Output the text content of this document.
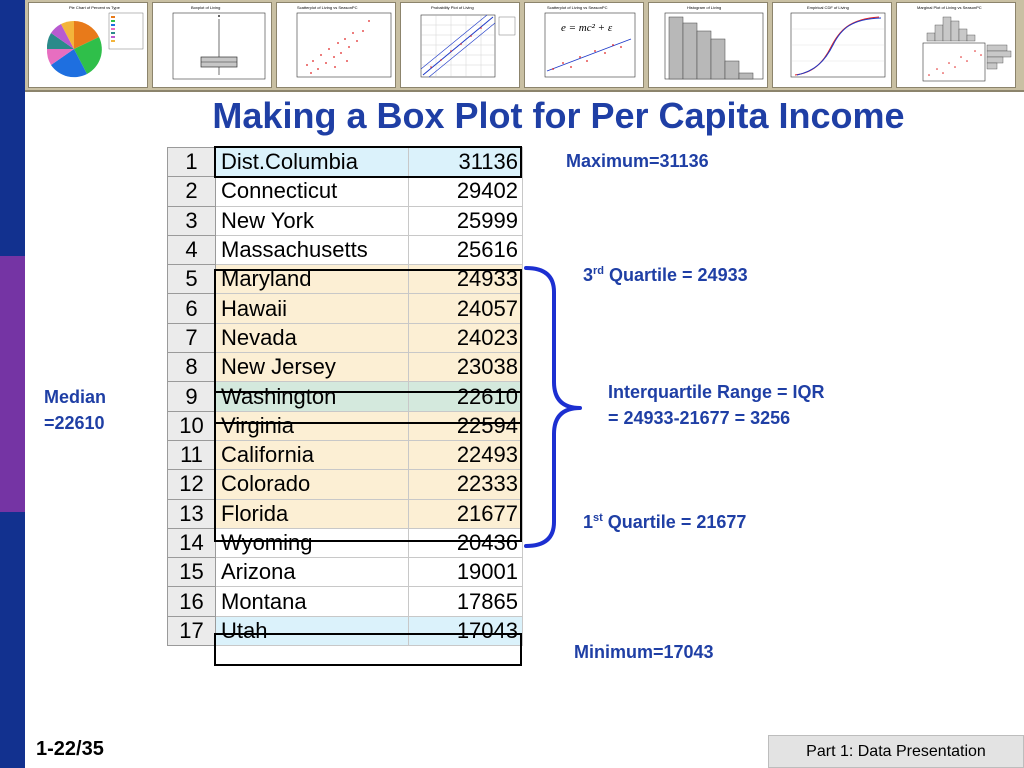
Pie Chart of Percent vs Type	Boxplot of Living	Scatterplot of Living vs SeasonPC	Probability Plot of Living	Scatterplot of Living vs SeasonPC
e = mc² + ε
Histogram of Living	Empirical CDF of Living	Marginal Plot of Living vs SeasonPC
Making a Box Plot for Per Capita Income
1	Dist.Columbia	31136
2	Connecticut	29402
3	New York	25999
4	Massachusetts	25616
5	Maryland	24933
6	Hawaii	24057
7	Nevada	24023
8	New Jersey	23038
9	Washington	22610
10	Virginia	22594
11	California	22493
12	Colorado	22333
13	Florida	21677
14	Wyoming	20436
15	Arizona	19001
16	Montana	17865
17	Utah	17043
Maximum=31136
3rd Quartile = 24933
Interquartile Range = IQR
= 24933-21677 = 3256
1st Quartile = 21677
Minimum=17043
Median
=22610
1-22/35	Part 1: Data Presentation
